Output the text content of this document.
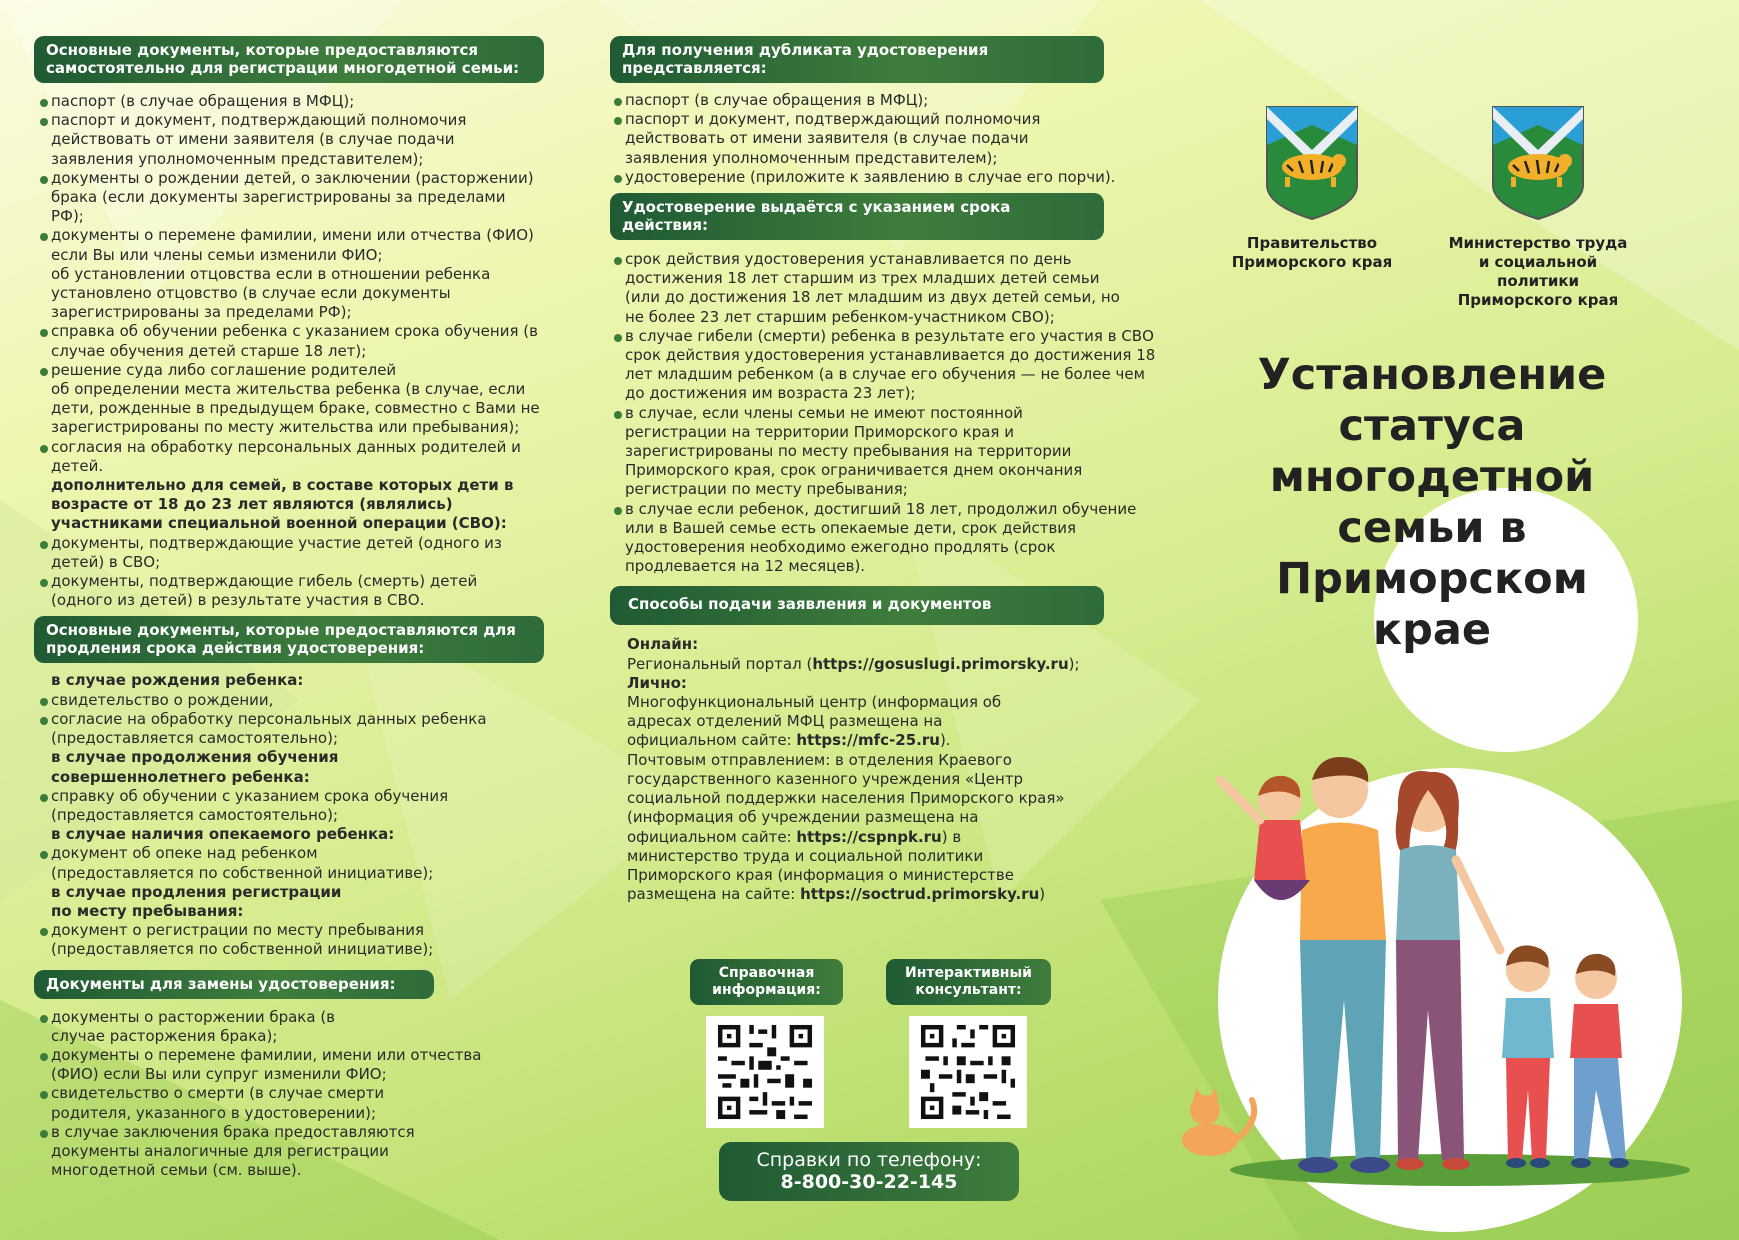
Основные документы, которые предоставляются самостоятельно для регистрации многодетной семьи:

паспорт (в случае обращения в МФЦ);

паспорт и документ, подтверждающий полномочия действовать от имени заявителя (в случае подачи заявления уполномоченным представителем);

документы о рождении детей, о заключении (расторжении) брака (если документы зарегистрированы за пределами РФ);

документы о перемене фамилии, имени или отчества (ФИО) если Вы или члены семьи изменили ФИО;

об установлении отцовства если в отношении ребенка установлено отцовство (в случае если документы зарегистрированы за пределами РФ);

справка об обучении ребенка с указанием срока обучения (в случае обучения детей старше 18 лет);

решение суда либо соглашение родителей

об определении места жительства ребенка (в случае, если дети, рожденные в предыдущем браке, совместно с Вами не зарегистрированы по месту жительства или пребывания);

согласия на обработку персональных данных родителей и детей.

дополнительно для семей, в составе которых дети в возрасте от 18 до 23 лет являются (являлись) участниками специальной военной операции (СВО):

документы, подтверждающие участие детей (одного из детей) в СВО;

документы, подтверждающие гибель (смерть) детей (одного из детей) в результате участия в СВО.

Основные документы, которые предоставляются для продления срока действия удостоверения:

в случае рождения ребенка:

свидетельство о рождении,

согласие на обработку персональных данных ребенка (предоставляется самостоятельно);

в случае продолжения обучения совершеннолетнего ребенка:

справку об обучении с указанием срока обучения (предоставляется самостоятельно);

в случае наличия опекаемого ребенка:

документ об опеке над ребенком (предоставляется по собственной инициативе);

в случае продления регистрации по месту пребывания:

документ о регистрации по месту пребывания (предоставляется по собственной инициативе);

Документы для замены удостоверения:

документы о расторжении брака (в случае расторжения брака);

документы о перемене фамилии, имени или отчества (ФИО) если Вы или супруг изменили ФИО;

свидетельство о смерти (в случае смерти родителя, указанного в удостоверении);

в случае заключения брака предоставляются документы аналогичные для регистрации многодетной семьи (см. выше).

Для получения дубликата удостоверения представляется:

паспорт (в случае обращения в МФЦ);

паспорт и документ, подтверждающий полномочия действовать от имени заявителя (в случае подачи заявления уполномоченным представителем);

удостоверение (приложите к заявлению в случае его порчи).

Удостоверение выдаётся с указанием срока действия:

срок действия удостоверения устанавливается по день достижения 18 лет старшим из трех младших детей семьи (или до достижения 18 лет младшим из двух детей семьи, но не более 23 лет старшим ребенком-участником СВО);

в случае гибели (смерти) ребенка в результате его участия в СВО срок действия удостоверения устанавливается до достижения 18 лет младшим ребенком (а в случае его обучения — не более чем до достижения им возраста 23 лет);

в случае, если члены семьи не имеют постоянной регистрации на территории Приморского края и зарегистрированы по месту пребывания на территории Приморского края, срок ограничивается днем окончания регистрации по месту пребывания;

в случае если ребенок, достигший 18 лет, продолжил обучение или в Вашей семье есть опекаемые дети, срок действия удостоверения необходимо ежегодно продлять (срок продлевается на 12 месяцев).

Способы подачи заявления и документов

Онлайн:

Региональный портал (https://gosuslugi.primorsky.ru);

Лично:

Многофункциональный центр (информация об адресах отделений МФЦ размещена на официальном сайте: https://mfc-25.ru).

Почтовым отправлением: в отделения Краевого государственного казенного учреждения «Центр социальной поддержки населения Приморского края» (информация об учреждении размещена на официальном сайте: https://cspnpk.ru) в министерство труда и социальной политики Приморского края (информация о министерстве размещена на сайте: https://soctrud.primorsky.ru)

Справочная информация:
Интерактивный консультант:
Справки по телефону:
8-800-30-22-145
Правительство Приморского края
Министерство труда и социальной политики Приморского края
Установление статуса многодетной семьи в Приморском крае
